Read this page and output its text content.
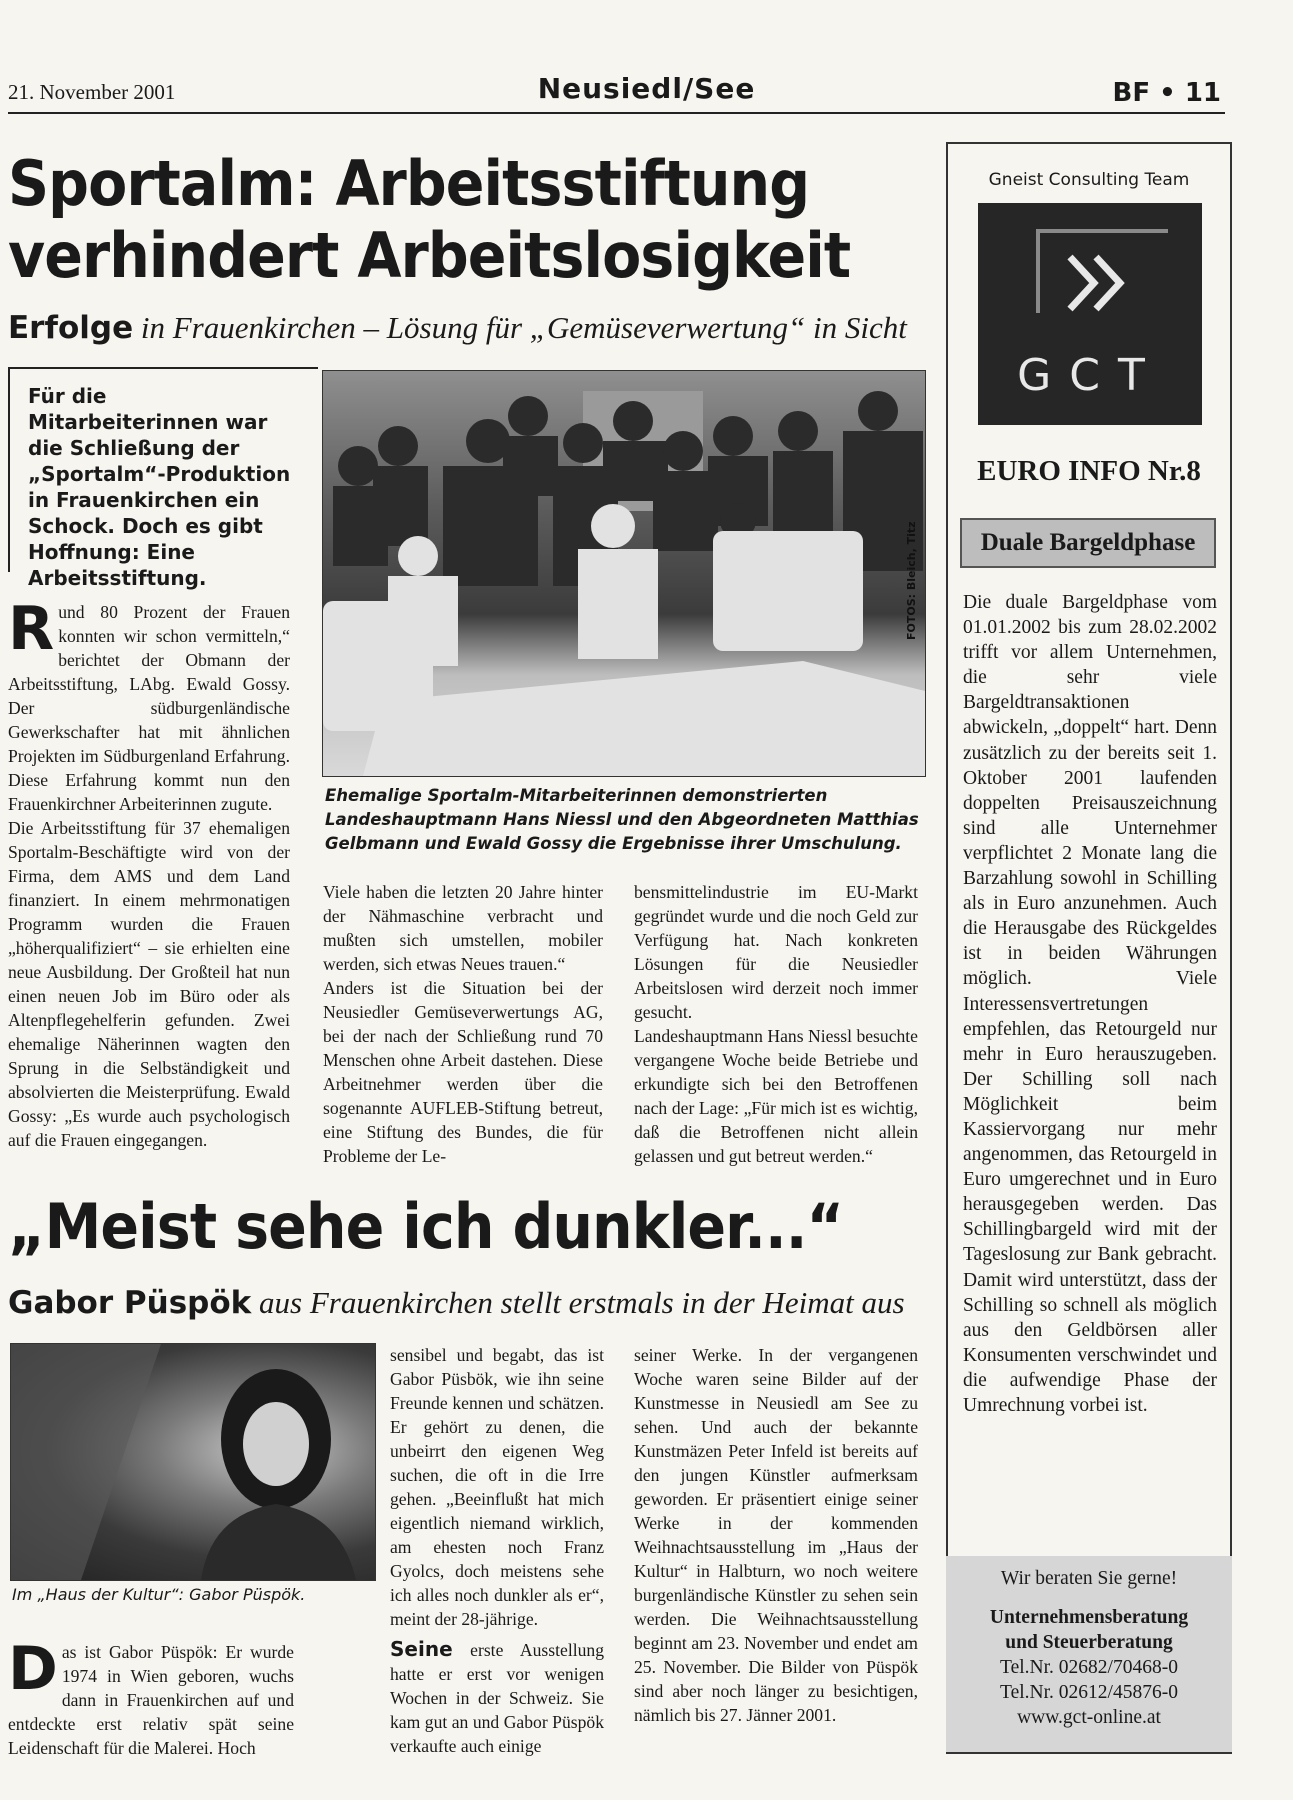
21. November 2001	Neusiedl/See	BF • 11
Sportalm: Arbeitsstiftung
verhindert Arbeitslosigkeit
Erfolge in Frauenkirchen – Lösung für „Gemüseverwertung“ in Sicht
Für die Mitarbeiterinnen war die Schließung der „Sportalm“-Produktion in Frauenkirchen ein Schock. Doch es gibt Hoffnung: Eine Arbeitsstiftung.
R und 80 Prozent der Frauen konnten wir schon vermitteln,“ berichtet der Obmann der Arbeitsstiftung, LAbg. Ewald Gossy. Der südburgenländische Gewerkschafter hat mit ähnlichen Projekten im Südburgenland Erfahrung. Diese Erfahrung kommt nun den Frauenkirchner Arbeiterinnen zugute.

Die Arbeitsstiftung für 37 ehemaligen Sportalm-Beschäftigte wird von der Firma, dem AMS und dem Land finanziert. In einem mehrmonatigen Programm wurden die Frauen „höherqualifiziert“ – sie erhielten eine neue Ausbildung. Der Großteil hat nun einen neuen Job im Büro oder als Altenpflegehelferin gefunden. Zwei ehemalige Näherinnen wagten den Sprung in die Selbständigkeit und absolvierten die Meisterprüfung. Ewald Gossy: „Es wurde auch psychologisch auf die Frauen eingegangen.

FOTOS: Bleich, Titz
Ehemalige Sportalm-Mitarbeiterinnen demonstrierten Landeshauptmann Hans Niessl und den Abgeordneten Matthias Gelbmann und Ewald Gossy die Ergebnisse ihrer Umschulung.

Viele haben die letzten 20 Jahre hinter der Nähmaschine verbracht und mußten sich umstellen, mobiler werden, sich etwas Neues trauen.“

Anders ist die Situation bei der Neusiedler Gemüseverwertungs AG, bei der nach der Schließung rund 70 Menschen ohne Arbeit dastehen. Diese Arbeitnehmer werden über die sogenannte AUFLEB-Stiftung betreut, eine Stiftung des Bundes, die für Probleme der Le-

bensmittelindustrie im EU-Markt gegründet wurde und die noch Geld zur Verfügung hat. Nach konkreten Lösungen für die Neusiedler Arbeitslosen wird derzeit noch immer gesucht.

Landeshauptmann Hans Niessl besuchte vergangene Woche beide Betriebe und erkundigte sich bei den Betroffenen nach der Lage: „Für mich ist es wichtig, daß die Betroffenen nicht allein gelassen und gut betreut werden.“

„Meist sehe ich dunkler...“
Gabor Püspök aus Frauenkirchen stellt erstmals in der Heimat aus
Im „Haus der Kultur“: Gabor Püspök.
D as ist Gabor Püspök: Er wurde 1974 in Wien geboren, wuchs dann in Frauenkirchen auf und entdeckte erst relativ spät seine Leidenschaft für die Malerei. Hoch

sensibel und begabt, das ist Gabor Püsbök, wie ihn seine Freunde kennen und schätzen. Er gehört zu denen, die unbeirrt den eigenen Weg suchen, die oft in die Irre gehen. „Beeinflußt hat mich eigentlich niemand wirklich, am ehesten noch Franz Gyolcs, doch meistens sehe ich alles noch dunkler als er“, meint der 28-jährige.

Seine erste Ausstellung hatte er erst vor wenigen Wochen in der Schweiz. Sie kam gut an und Gabor Püspök verkaufte auch einige

seiner Werke. In der vergangenen Woche waren seine Bilder auf der Kunstmesse in Neusiedl am See zu sehen. Und auch der bekannte Kunstmäzen Peter Infeld ist bereits auf den jungen Künstler aufmerksam geworden. Er präsentiert einige seiner Werke in der kommenden Weihnachtsausstellung im „Haus der Kultur“ in Halbturn, wo noch weitere burgenländische Künstler zu sehen sein werden. Die Weihnachtsausstellung beginnt am 23. November und endet am 25. November. Die Bilder von Püspök sind aber noch länger zu besichtigen, nämlich bis 27. Jänner 2001.

Gneist Consulting Team
GCT
EURO INFO Nr.8
Duale Bargeldphase
Die duale Bargeldphase vom 01.01.2002 bis zum 28.02.2002 trifft vor allem Unternehmen, die sehr viele Bargeldtransaktionen abwickeln, „doppelt“ hart. Denn zusätzlich zu der bereits seit 1. Oktober 2001 laufenden doppelten Preisauszeichnung sind alle Unternehmer verpflichtet 2 Monate lang die Barzahlung sowohl in Schilling als in Euro anzunehmen. Auch die Herausgabe des Rückgeldes ist in beiden Währungen möglich. Viele Interessensvertretungen empfehlen, das Retourgeld nur mehr in Euro herauszugeben. Der Schilling soll nach Möglichkeit beim Kassiervorgang nur mehr angenommen, das Retourgeld in Euro umgerechnet und in Euro herausgegeben werden. Das Schillingbargeld wird mit der Tageslosung zur Bank gebracht. Damit wird unterstützt, dass der Schilling so schnell als möglich aus den Geldbörsen aller Konsumenten verschwindet und die aufwendige Phase der Umrechnung vorbei ist.
Wir beraten Sie gerne!
Unternehmensberatung
und Steuerberatung
Tel.Nr. 02682/70468-0
Tel.Nr. 02612/45876-0
www.gct-online.at
